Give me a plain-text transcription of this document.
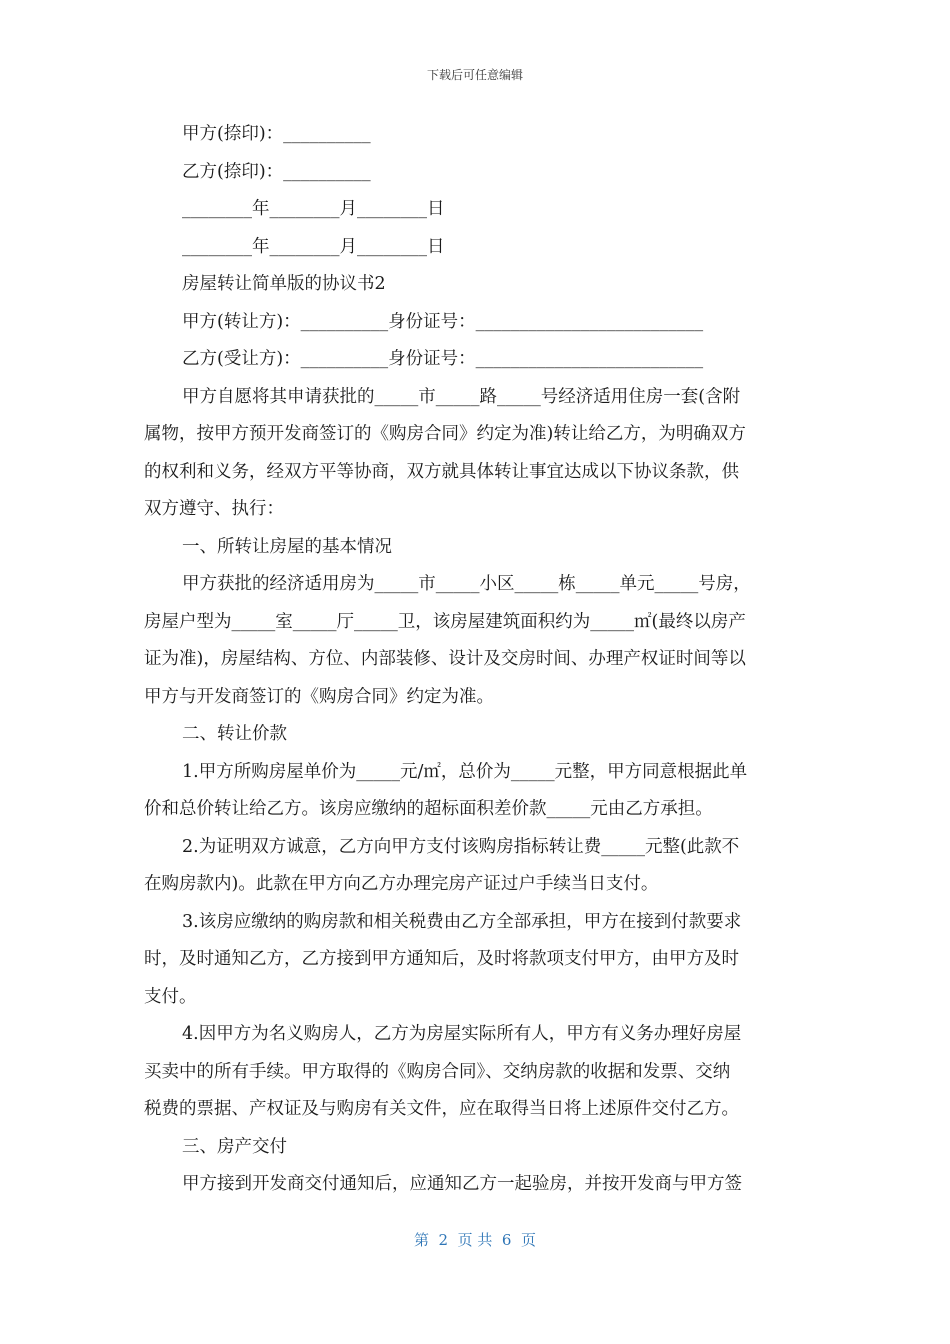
下载后可任意编辑
甲方(捺印)：__________
乙方(捺印)：__________
________年________月________日
________年________月________日
房屋转让简单版的协议书2
甲方(转让方)：__________身份证号：__________________________
乙方(受让方)：__________身份证号：__________________________
甲方自愿将其申请获批的_____市_____路_____号经济适用住房一套(含附
属物，按甲方预开发商签订的《购房合同》约定为准)转让给乙方，为明确双方
的权利和义务，经双方平等协商，双方就具体转让事宜达成以下协议条款，供
双方遵守、执行：
一、所转让房屋的基本情况
甲方获批的经济适用房为_____市_____小区_____栋_____单元_____号房，
房屋户型为_____室_____厅_____卫，该房屋建筑面积约为_____㎡(最终以房产
证为准)，房屋结构、方位、内部装修、设计及交房时间、办理产权证时间等以
甲方与开发商签订的《购房合同》约定为准。
二、转让价款
1.甲方所购房屋单价为_____元/㎡，总价为_____元整，甲方同意根据此单
价和总价转让给乙方。该房应缴纳的超标面积差价款_____元由乙方承担。
2.为证明双方诚意，乙方向甲方支付该购房指标转让费_____元整(此款不
在购房款内)。此款在甲方向乙方办理完房产证过户手续当日支付。
3.该房应缴纳的购房款和相关税费由乙方全部承担，甲方在接到付款要求
时，及时通知乙方，乙方接到甲方通知后，及时将款项支付甲方，由甲方及时
支付。
4.因甲方为名义购房人，乙方为房屋实际所有人，甲方有义务办理好房屋
买卖中的所有手续。甲方取得的《购房合同》、交纳房款的收据和发票、交纳
税费的票据、产权证及与购房有关文件，应在取得当日将上述原件交付乙方。
三、房产交付
甲方接到开发商交付通知后，应通知乙方一起验房，并按开发商与甲方签
第  2  页 共  6  页
